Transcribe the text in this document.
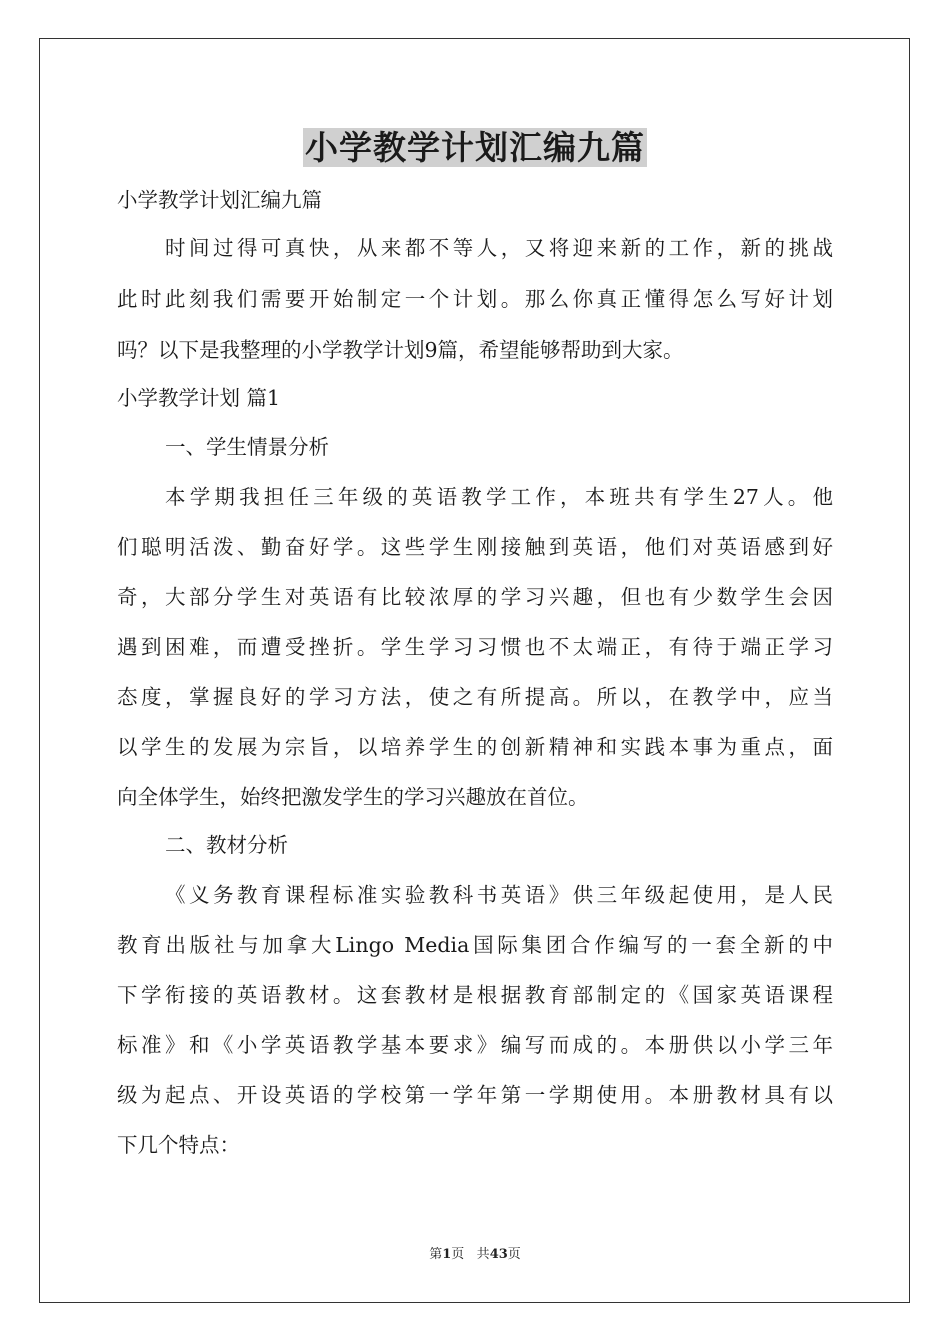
小学教学计划汇编九篇
小学教学计划汇编九篇
时间过得可真快，从来都不等人，又将迎来新的工作，新的挑战
此时此刻我们需要开始制定一个计划。那么你真正懂得怎么写好计划
吗？以下是我整理的小学教学计划9篇，希望能够帮助到大家。
小学教学计划 篇1
一、学生情景分析
本学期我担任三年级的英语教学工作，本班共有学生27人。他
们聪明活泼、勤奋好学。这些学生刚接触到英语，他们对英语感到好
奇，大部分学生对英语有比较浓厚的学习兴趣，但也有少数学生会因
遇到困难，而遭受挫折。学生学习习惯也不太端正，有待于端正学习
态度，掌握良好的学习方法，使之有所提高。所以，在教学中，应当
以学生的发展为宗旨，以培养学生的创新精神和实践本事为重点，面
向全体学生，始终把激发学生的学习兴趣放在首位。
二、教材分析
《义务教育课程标准实验教科书英语》供三年级起使用，是人民
教育出版社与加拿大Lingo Media国际集团合作编写的一套全新的中
下学衔接的英语教材。这套教材是根据教育部制定的《国家英语课程
标准》和《小学英语教学基本要求》编写而成的。本册供以小学三年
级为起点、开设英语的学校第一学年第一学期使用。本册教材具有以
下几个特点：
第1页 共43页
